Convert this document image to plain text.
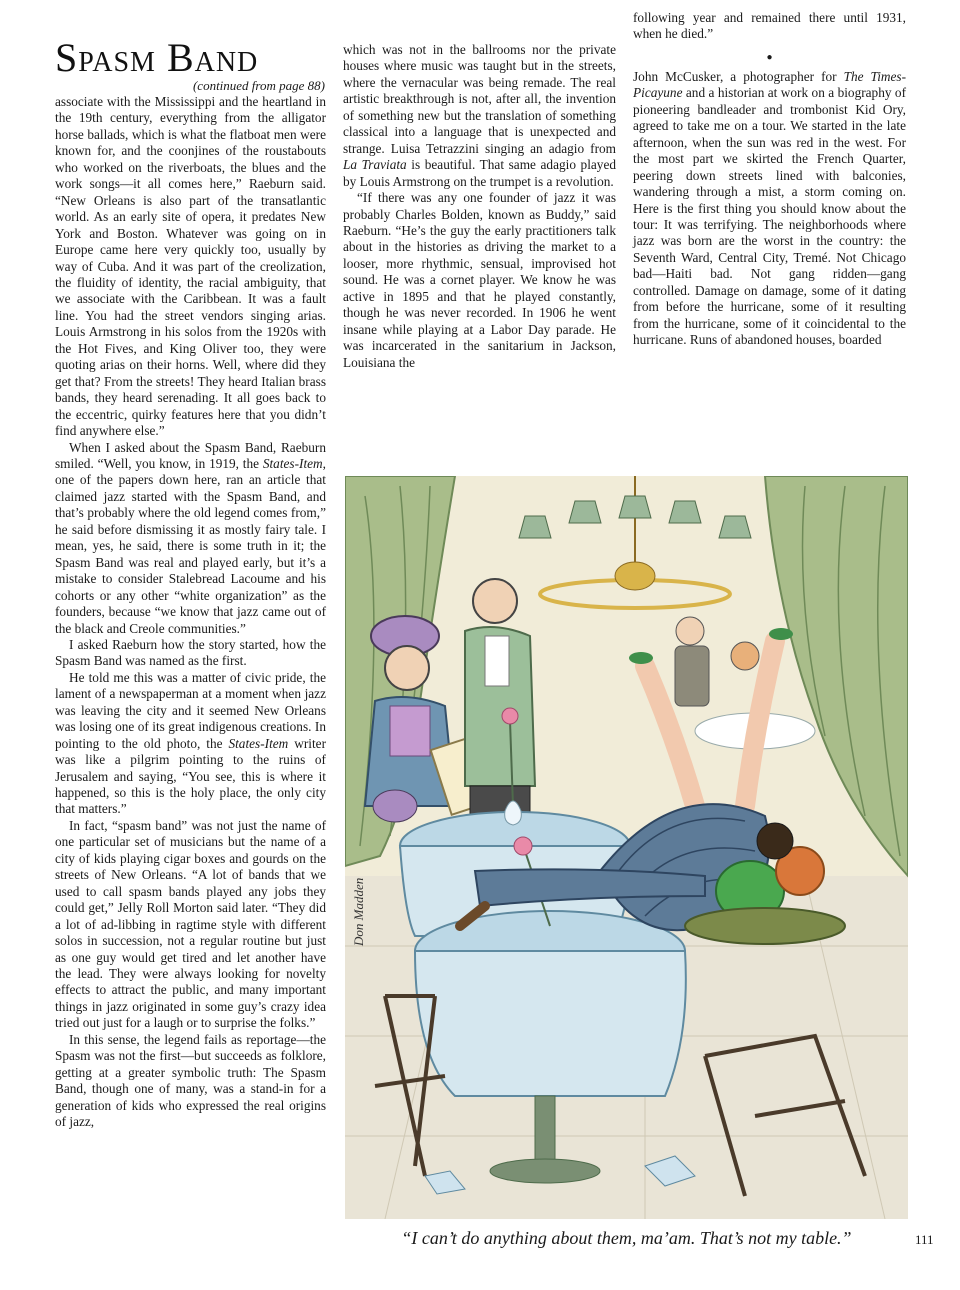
Spasm Band
(continued from page 88)

associate with the Mississippi and the heartland in the 19th century, everything from the alligator horse ballads, which is what the flatboat men were known for, and the coonjines of the roustabouts who worked on the riverboats, the blues and the work songs—it all comes here,” Raeburn said. “New Orleans is also part of the transatlantic world. As an early site of opera, it predates New York and Boston. Whatever was going on in Europe came here very quickly too, usually by way of Cuba. And it was part of the creolization, the fluidity of identity, the racial ambiguity, that we associate with the Caribbean. It was a fault line. You had the street vendors singing arias. Louis Armstrong in his solos from the 1920s with the Hot Fives, and King Oliver too, they were quoting arias on their horns. Well, where did they get that? From the streets! They heard Italian brass bands, they heard serenading. It all goes back to the eccentric, quirky features here that you didn’t find anywhere else.”

When I asked about the Spasm Band, Raeburn smiled. “Well, you know, in 1919, the States-Item, one of the papers down here, ran an article that claimed jazz started with the Spasm Band, and that’s probably where the old legend comes from,” he said before dismissing it as mostly fairy tale. I mean, yes, he said, there is some truth in it; the Spasm Band was real and played early, but it’s a mistake to consider Stalebread Lacoume and his cohorts or any other “white organization” as the founders, because “we know that jazz came out of the black and Creole communities.”

I asked Raeburn how the story started, how the Spasm Band was named as the first.

He told me this was a matter of civic pride, the lament of a newspaperman at a moment when jazz was leaving the city and it seemed New Orleans was losing one of its great indigenous creations. In pointing to the old photo, the States-Item writer was like a pilgrim pointing to the ruins of Jerusalem and saying, “You see, this is where it happened, so this is the holy place, the only city that matters.”

In fact, “spasm band” was not just the name of one particular set of musicians but the name of a city of kids playing cigar boxes and gourds on the streets of New Orleans. “A lot of bands that we used to call spasm bands played any jobs they could get,” Jelly Roll Morton said later. “They did a lot of ad-libbing in ragtime style with different solos in succession, not a regular routine but just as one guy would get tired and let another have the lead. They were always looking for novelty effects to attract the public, and many important things in jazz originated in some guy’s crazy idea tried out just for a laugh or to surprise the folks.”

In this sense, the legend fails as reportage—the Spasm was not the first—but succeeds as folklore, getting at a greater symbolic truth: The Spasm Band, though one of many, was a stand-in for a generation of kids who expressed the real origins of jazz,

which was not in the ballrooms nor the private houses where music was taught but in the streets, where the vernacular was being remade. The real artistic breakthrough is not, after all, the invention of something new but the translation of something classical into a language that is unexpected and strange. Luisa Tetrazzini singing an adagio from La Traviata is beautiful. That same adagio played by Louis Armstrong on the trumpet is a revolution.

“If there was any one founder of jazz it was probably Charles Bolden, known as Buddy,” said Raeburn. “He’s the guy the early practitioners talk about in the histories as driving the market to a looser, more rhythmic, sensual, improvised hot sound. He was a cornet player. We know he was active in 1895 and that he played constantly, though he was never recorded. In 1906 he went insane while playing at a Labor Day parade. He was incarcerated in the sanitarium in Jackson, Louisiana the

following year and remained there until 1931, when he died.”

●

John McCusker, a photographer for The Times-Picayune and a historian at work on a biography of pioneering bandleader and trombonist Kid Ory, agreed to take me on a tour. We started in the late afternoon, when the sun was red in the west. For the most part we skirted the French Quarter, peering down streets lined with balconies, wandering through a mist, a storm coming on. Here is the first thing you should know about the tour: It was terrifying. The neighborhoods where jazz was born are the worst in the country: the Seventh Ward, Central City, Tremé. Not Chicago bad—Haiti bad. Not gang ridden—gang controlled. Damage on damage, some of it dating from before the hurricane, some of it resulting from the hurricane, some of it coincidental to the hurricane. Runs of abandoned houses, boarded

Don Madden
“I can’t do anything about them, ma’am. That’s not my table.”	111
